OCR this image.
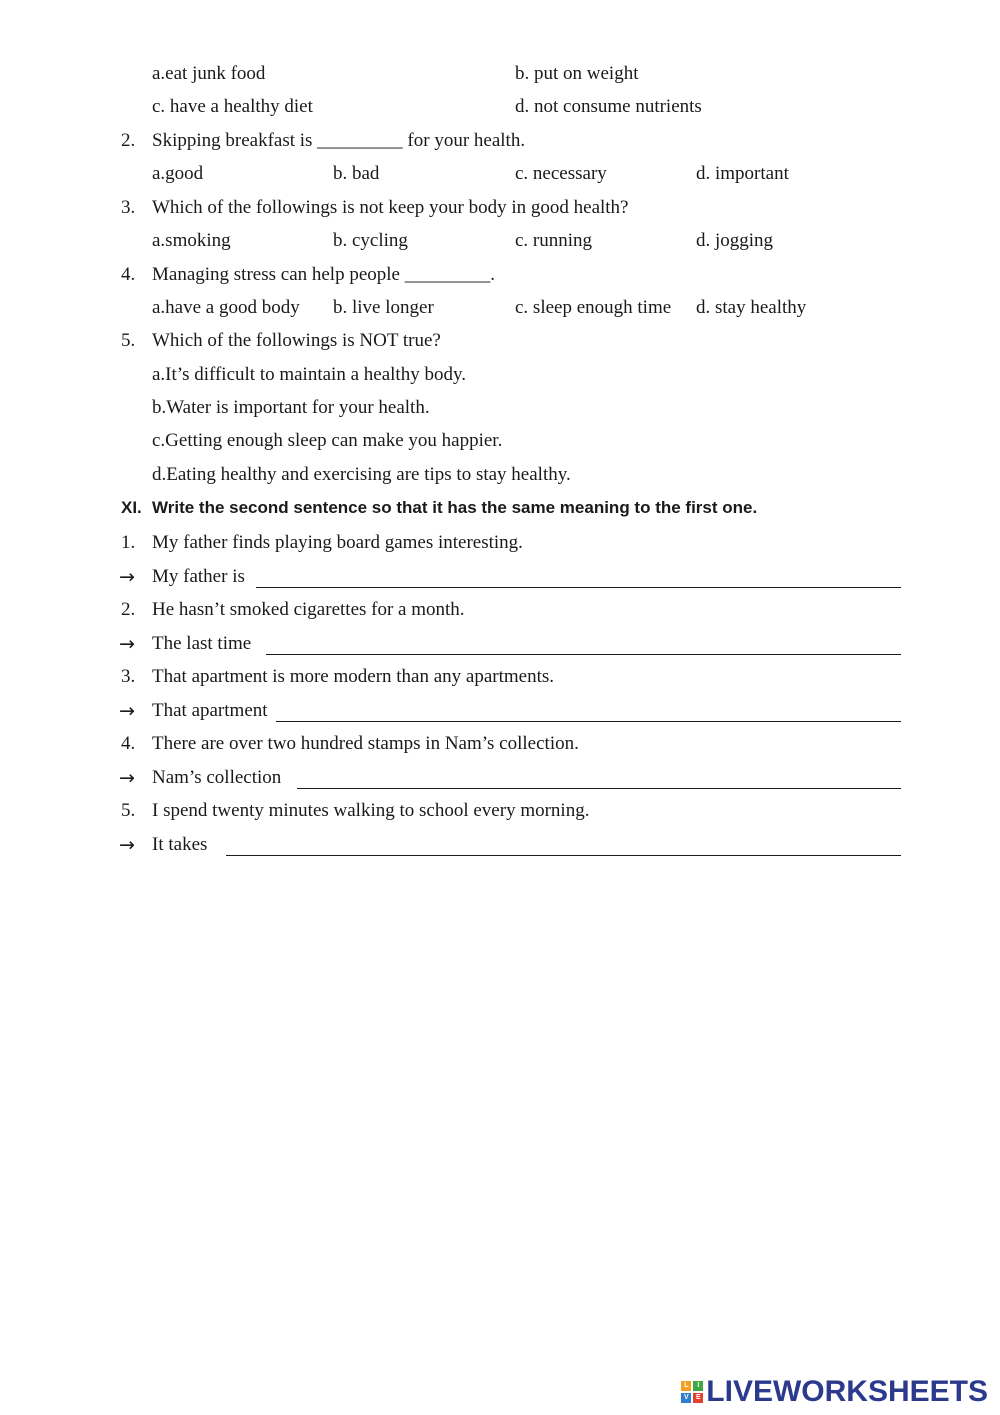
a.eat junk food	b. put on weight
c. have a healthy diet	d. not consume nutrients
2. Skipping breakfast is _________ for your health.
a.good	b. bad	c. necessary	d. important
3. Which of the followings is not keep your body in good health?
a.smoking	b. cycling	c. running	d. jogging
4. Managing stress can help people _________.
a.have a good body b. live longer	c. sleep enough time d. stay healthy
5. Which of the followings is NOT true?
a.It’s difficult to maintain a healthy body.
b.Water is important for your health.
c.Getting enough sleep can make you happier.
d.Eating healthy and exercising are tips to stay healthy.
XI. Write the second sentence so that it has the same meaning to the first one.
1. My father finds playing board games interesting.
→ My father is
2. He hasn’t smoked cigarettes for a month.
→ The last time
3. That apartment is more modern than any apartments.
→ That apartment
4. There are over two hundred stamps in Nam’s collection.
→ Nam’s collection
5. I spend twenty minutes walking to school every morning.
→ It takes
L	I
V	E LIVEWORKSHEETS
